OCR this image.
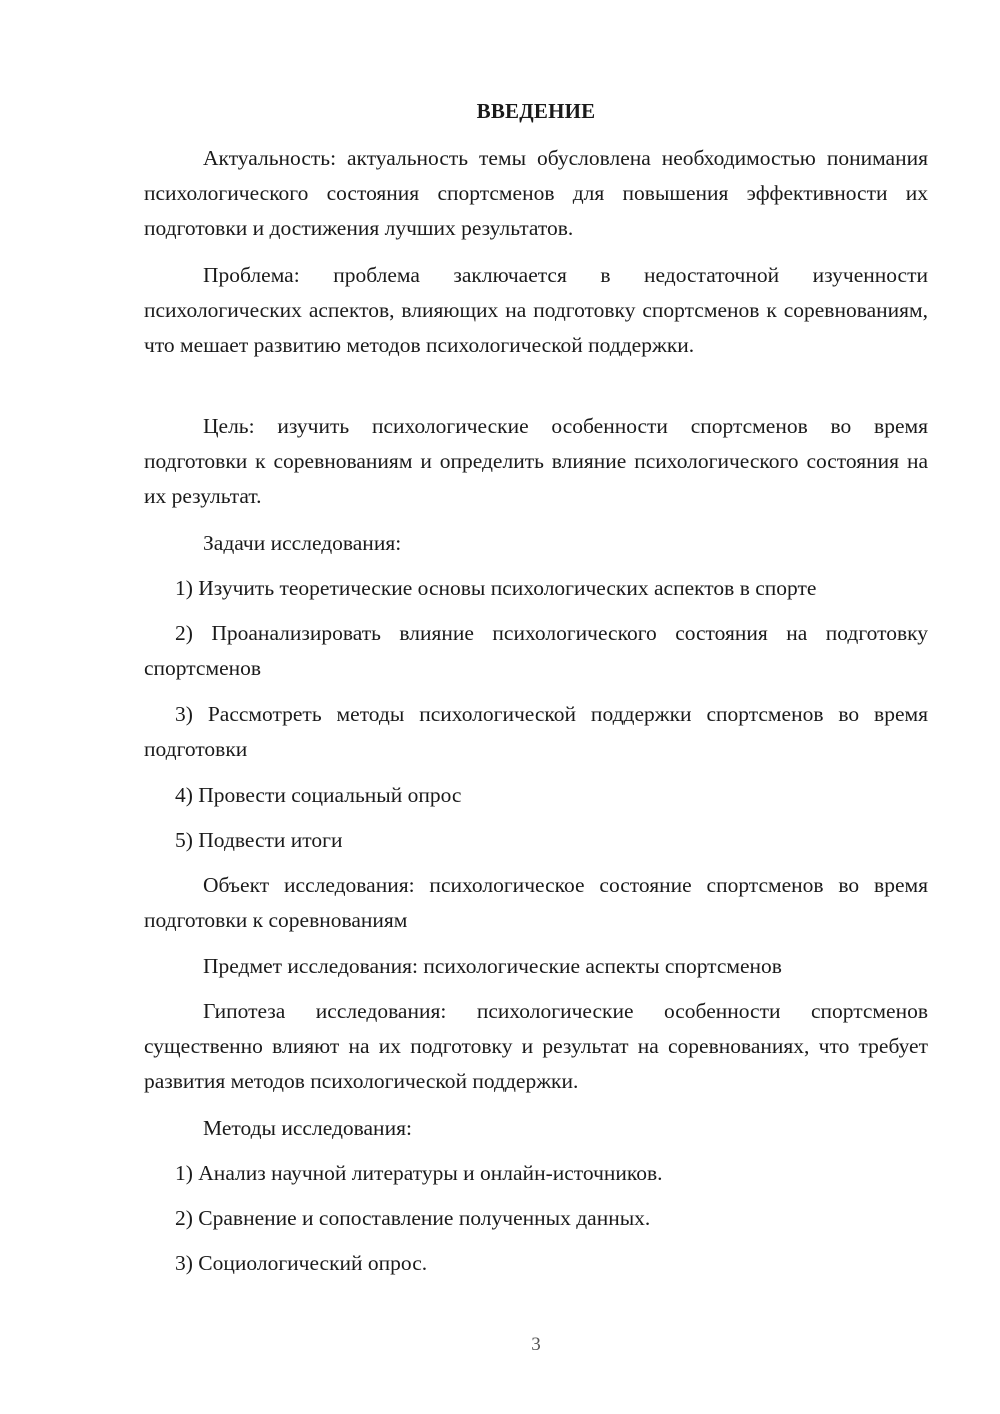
ВВЕДЕНИЕ

Актуальность: актуальность темы обусловлена необходимостью понимания психологического состояния спортсменов для повышения эффективности их подготовки и достижения лучших результатов.

Проблема: проблема заключается в недостаточной изученности психологических аспектов, влияющих на подготовку спортсменов к соревнованиям, что мешает развитию методов психологической поддержки.

Цель: изучить психологические особенности спортсменов во время подготовки к соревнованиям и определить влияние психологического состояния на их результат.

Задачи исследования:

1) Изучить теоретические основы психологических аспектов в спорте

2) Проанализировать влияние психологического состояния на подготовку спортсменов

3) Рассмотреть методы психологической поддержки спортсменов во время подготовки

4) Провести социальный опрос

5) Подвести итоги

Объект исследования: психологическое состояние спортсменов во время подготовки к соревнованиям

Предмет исследования: психологические аспекты спортсменов

Гипотеза исследования: психологические особенности спортсменов существенно влияют на их подготовку и результат на соревнованиях, что требует развития методов психологической поддержки.

Методы исследования:

1) Анализ научной литературы и онлайн-источников.

2) Сравнение и сопоставление полученных данных.

3) Социологический опрос.

3
